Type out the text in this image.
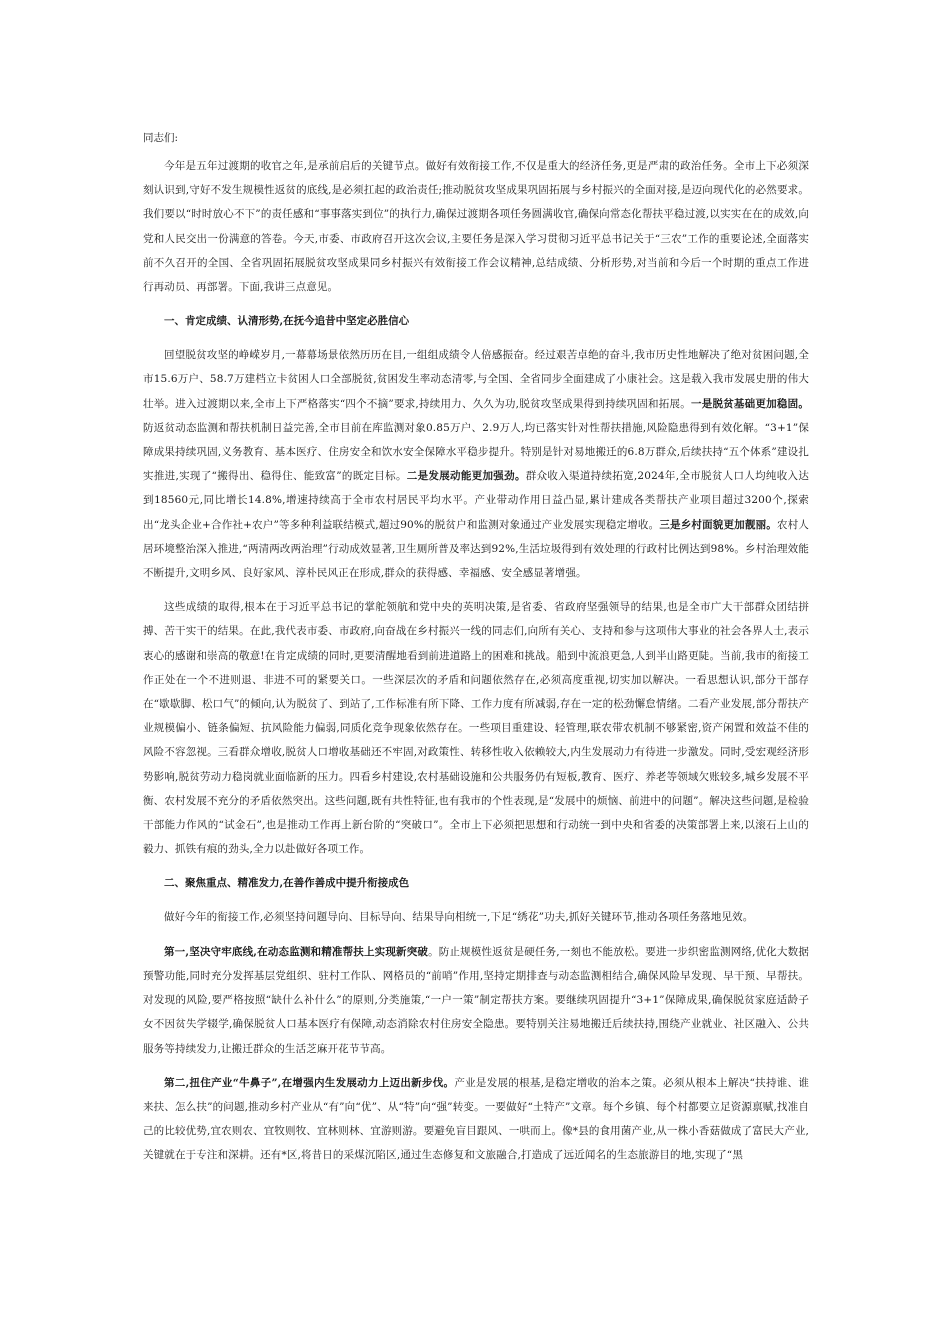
同志们:

今年是五年过渡期的收官之年,是承前启后的关键节点。做好有效衔接工作,不仅是重大的经济任务,更是严肃的政治任务。全市上下必须深刻认识到,守好不发生规模性返贫的底线,是必须扛起的政治责任;推动脱贫攻坚成果巩固拓展与乡村振兴的全面对接,是迈向现代化的必然要求。我们要以“时时放心不下”的责任感和“事事落实到位”的执行力,确保过渡期各项任务圆满收官,确保向常态化帮扶平稳过渡,以实实在在的成效,向党和人民交出一份满意的答卷。今天,市委、市政府召开这次会议,主要任务是深入学习贯彻习近平总书记关于“三农”工作的重要论述,全面落实前不久召开的全国、全省巩固拓展脱贫攻坚成果同乡村振兴有效衔接工作会议精神,总结成绩、分析形势,对当前和今后一个时期的重点工作进行再动员、再部署。下面,我讲三点意见。

一、肯定成绩、认清形势,在抚今追昔中坚定必胜信心

回望脱贫攻坚的峥嵘岁月,一幕幕场景依然历历在目,一组组成绩令人倍感振奋。经过艰苦卓绝的奋斗,我市历史性地解决了绝对贫困问题,全市15.6万户、58.7万建档立卡贫困人口全部脱贫,贫困发生率动态清零,与全国、全省同步全面建成了小康社会。这是载入我市发展史册的伟大壮举。进入过渡期以来,全市上下严格落实“四个不摘”要求,持续用力、久久为功,脱贫攻坚成果得到持续巩固和拓展。一是脱贫基础更加稳固。防返贫动态监测和帮扶机制日益完善,全市目前在库监测对象0.85万户、2.9万人,均已落实针对性帮扶措施,风险隐患得到有效化解。“3+1”保障成果持续巩固,义务教育、基本医疗、住房安全和饮水安全保障水平稳步提升。特别是针对易地搬迁的6.8万群众,后续扶持“五个体系”建设扎实推进,实现了“搬得出、稳得住、能致富”的既定目标。二是发展动能更加强劲。群众收入渠道持续拓宽,2024年,全市脱贫人口人均纯收入达到18560元,同比增长14.8%,增速持续高于全市农村居民平均水平。产业带动作用日益凸显,累计建成各类帮扶产业项目超过3200个,探索出“龙头企业+合作社+农户”等多种利益联结模式,超过90%的脱贫户和监测对象通过产业发展实现稳定增收。三是乡村面貌更加靓丽。农村人居环境整治深入推进,“两清两改两治理”行动成效显著,卫生厕所普及率达到92%,生活垃圾得到有效处理的行政村比例达到98%。乡村治理效能不断提升,文明乡风、良好家风、淳朴民风正在形成,群众的获得感、幸福感、安全感显著增强。

这些成绩的取得,根本在于习近平总书记的掌舵领航和党中央的英明决策,是省委、省政府坚强领导的结果,也是全市广大干部群众团结拼搏、苦干实干的结果。在此,我代表市委、市政府,向奋战在乡村振兴一线的同志们,向所有关心、支持和参与这项伟大事业的社会各界人士,表示衷心的感谢和崇高的敬意!在肯定成绩的同时,更要清醒地看到前进道路上的困难和挑战。船到中流浪更急,人到半山路更陡。当前,我市的衔接工作正处在一个不进则退、非进不可的紧要关口。一些深层次的矛盾和问题依然存在,必须高度重视,切实加以解决。一看思想认识,部分干部存在“歇歇脚、松口气”的倾向,认为脱贫了、到站了,工作标准有所下降、工作力度有所减弱,存在一定的松劲懈怠情绪。二看产业发展,部分帮扶产业规模偏小、链条偏短、抗风险能力偏弱,同质化竞争现象依然存在。一些项目重建设、轻管理,联农带农机制不够紧密,资产闲置和效益不佳的风险不容忽视。三看群众增收,脱贫人口增收基础还不牢固,对政策性、转移性收入依赖较大,内生发展动力有待进一步激发。同时,受宏观经济形势影响,脱贫劳动力稳岗就业面临新的压力。四看乡村建设,农村基础设施和公共服务仍有短板,教育、医疗、养老等领域欠账较多,城乡发展不平衡、农村发展不充分的矛盾依然突出。这些问题,既有共性特征,也有我市的个性表现,是“发展中的烦恼、前进中的问题”。解决这些问题,是检验干部能力作风的“试金石”,也是推动工作再上新台阶的“突破口”。全市上下必须把思想和行动统一到中央和省委的决策部署上来,以滚石上山的毅力、抓铁有痕的劲头,全力以赴做好各项工作。

二、聚焦重点、精准发力,在善作善成中提升衔接成色

做好今年的衔接工作,必须坚持问题导向、目标导向、结果导向相统一,下足“绣花”功夫,抓好关键环节,推动各项任务落地见效。

第一,坚决守牢底线,在动态监测和精准帮扶上实现新突破。防止规模性返贫是硬任务,一刻也不能放松。要进一步织密监测网络,优化大数据预警功能,同时充分发挥基层党组织、驻村工作队、网格员的“前哨”作用,坚持定期排查与动态监测相结合,确保风险早发现、早干预、早帮扶。对发现的风险,要严格按照“缺什么补什么”的原则,分类施策,“一户一策”制定帮扶方案。要继续巩固提升“3+1”保障成果,确保脱贫家庭适龄子女不因贫失学辍学,确保脱贫人口基本医疗有保障,动态消除农村住房安全隐患。要特别关注易地搬迁后续扶持,围绕产业就业、社区融入、公共服务等持续发力,让搬迁群众的生活芝麻开花节节高。

第二,扭住产业“牛鼻子”,在增强内生发展动力上迈出新步伐。产业是发展的根基,是稳定增收的治本之策。必须从根本上解决“扶持谁、谁来扶、怎么扶”的问题,推动乡村产业从“有”向“优”、从“特”向“强”转变。一要做好“土特产”文章。每个乡镇、每个村都要立足资源禀赋,找准自己的比较优势,宜农则农、宜牧则牧、宜林则林、宜游则游。要避免盲目跟风、一哄而上。像*县的食用菌产业,从一株小香菇做成了富民大产业,关键就在于专注和深耕。还有*区,将昔日的采煤沉陷区,通过生态修复和文旅融合,打造成了远近闻名的生态旅游目的地,实现了“黑
